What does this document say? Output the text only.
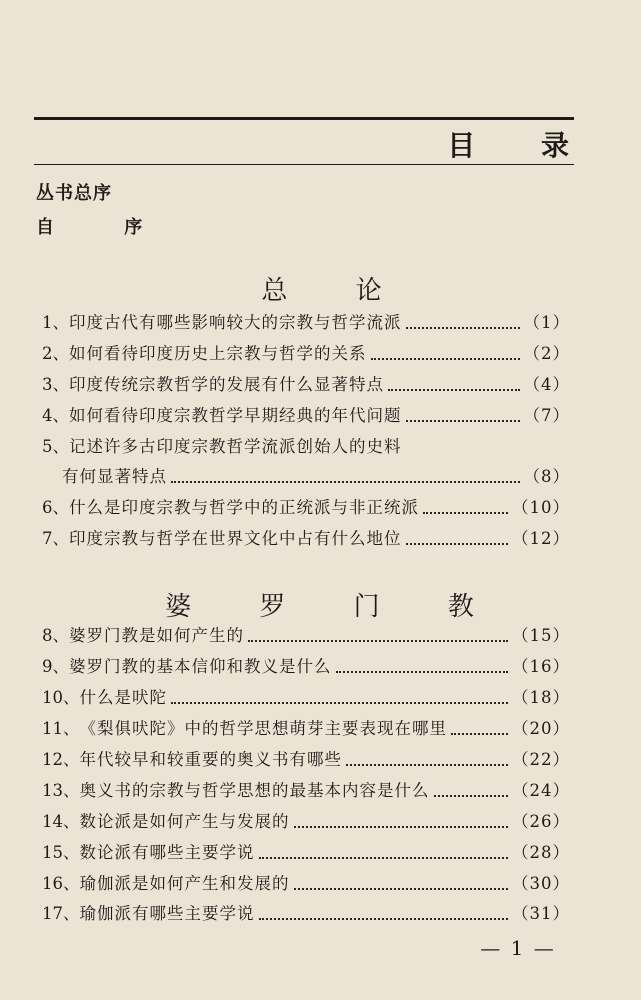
目 录
丛书总序
自 序
总 论
1、 印度古代有哪些影响较大的宗教与哲学流派	（1）
2、 如何看待印度历史上宗教与哲学的关系	（2）
3、 印度传统宗教哲学的发展有什么显著特点	（4）
4、 如何看待印度宗教哲学早期经典的年代问题	（7）
5、 记述许多古印度宗教哲学流派创始人的史料
有何显著特点	（8）
6、 什么是印度宗教与哲学中的正统派与非正统派	（10）
7、 印度宗教与哲学在世界文化中占有什么地位	（12）
婆 罗 门 教
8、 婆罗门教是如何产生的	（15）
9、 婆罗门教的基本信仰和教义是什么	（16）
10、 什么是吠陀	（18）
11、 《梨俱吠陀》中的哲学思想萌芽主要表现在哪里	（20）
12、 年代较早和较重要的奥义书有哪些	（22）
13、 奥义书的宗教与哲学思想的最基本内容是什么	（24）
14、 数论派是如何产生与发展的	（26）
15、 数论派有哪些主要学说	（28）
16、 瑜伽派是如何产生和发展的	（30）
17、 瑜伽派有哪些主要学说	（31）
— 1 —
